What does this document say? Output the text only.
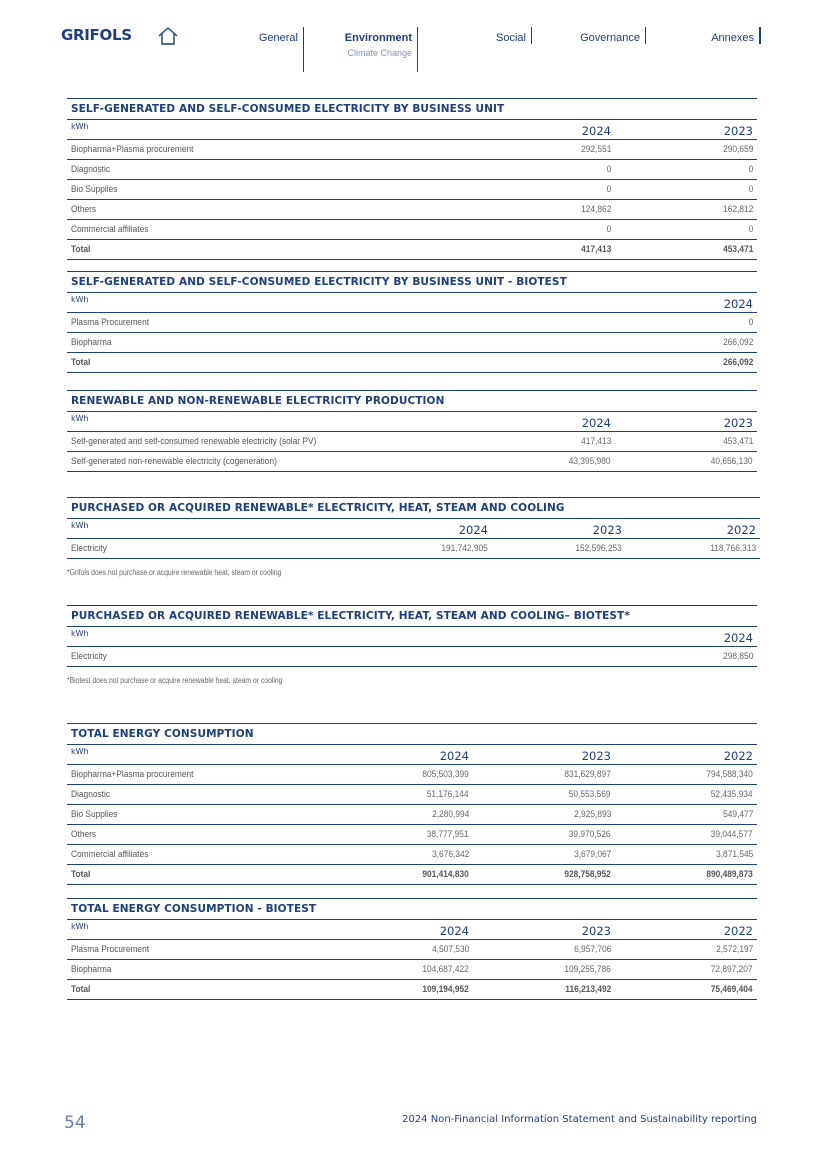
GRIFOLS	General	Environment
Climate Change
Social	Governance	Annexes
SELF-GENERATED AND SELF-CONSUMED ELECTRICITY BY BUSINESS UNIT
kWh	2024	2023
Biopharma+Plasma procurement	292,551	290,659
Diagnostic	0	0
Bio Supplies	0	0
Others	124,862	162,812
Commercial affiliates	0	0
Total	417,413	453,471
SELF-GENERATED AND SELF-CONSUMED ELECTRICITY BY BUSINESS UNIT - BIOTEST
kWh	2024
Plasma Procurement	0
Biopharma	266,092
Total	266,092
RENEWABLE AND NON-RENEWABLE ELECTRICITY PRODUCTION
kWh	2024	2023
Self-generated and self-consumed renewable electricity (solar PV)	417,413	453,471
Self-generated non-renewable electricity (cogeneration)	43,395,980	40,656,130
PURCHASED OR ACQUIRED RENEWABLE* ELECTRICITY, HEAT, STEAM AND COOLING
kWh	2024	2023	2022
Electricity	191,742,905	152,596,253	118,766,313
*Grifols does not purchase or acquire renewable heat, steam or cooling
PURCHASED OR ACQUIRED RENEWABLE* ELECTRICITY, HEAT, STEAM AND COOLING– BIOTEST*
kWh	2024
Electricity	298,850
*Biotest does not purchase or acquire renewable heat, steam or cooling
TOTAL ENERGY CONSUMPTION
kWh	2024	2023	2022
Biopharma+Plasma procurement	805,503,399	831,629,897	794,588,340
Diagnostic	51,176,144	50,553,569	52,435,934
Bio Supplies	2,280,994	2,925,893	549,477
Others	38,777,951	39,970,526	39,044,577
Commercial affiliates	3,676,342	3,679,067	3,871,545
Total	901,414,830	928,758,952	890,489,873
TOTAL ENERGY CONSUMPTION - BIOTEST
kWh	2024	2023	2022
Plasma Procurement	4,507,530	6,957,706	2,572,197
Biopharma	104,687,422	109,255,786	72,897,207
Total	109,194,952	116,213,492	75,469,404
54	2024 Non-Financial Information Statement and Sustainability reporting
